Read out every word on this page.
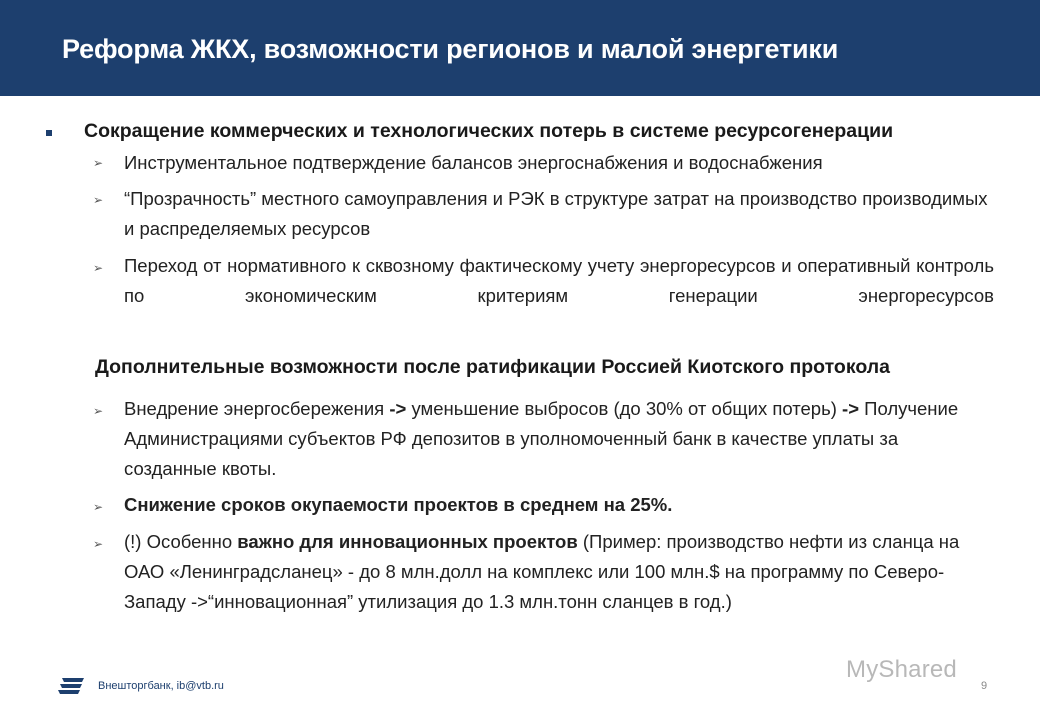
Реформа ЖКХ, возможности регионов и малой энергетики
Сокращение коммерческих и технологических потерь в системе ресурсогенерации
➢ Инструментальное подтверждение балансов энергоснабжения и водоснабжения
➢ “Прозрачность” местного самоуправления и РЭК в структуре затрат на производство производимых и распределяемых ресурсов
➢ Переход от нормативного к сквозному фактическому учету энергоресурсов и оперативный контроль по экономическим критериям генерации энергоресурсов
Дополнительные возможности после ратификации Россией Киотского протокола
➢ Внедрение энергосбережения -> уменьшение выбросов (до 30% от общих потерь) -> Получение Администрациями субъектов РФ депозитов в уполномоченный банк в качестве уплаты за созданные квоты.
➢ Снижение сроков окупаемости проектов в среднем на 25%.
➢ (!) Особенно важно для инновационных проектов (Пример: производство нефти из сланца на ОАО «Ленинградсланец» - до 8 млн.долл на комплекс или 100 млн.$ на программу по Северо-Западу ->“инновационная” утилизация до 1.3 млн.тонн сланцев в год.)
Внешторгбанк, ib@vtb.ru	9
MyShared
